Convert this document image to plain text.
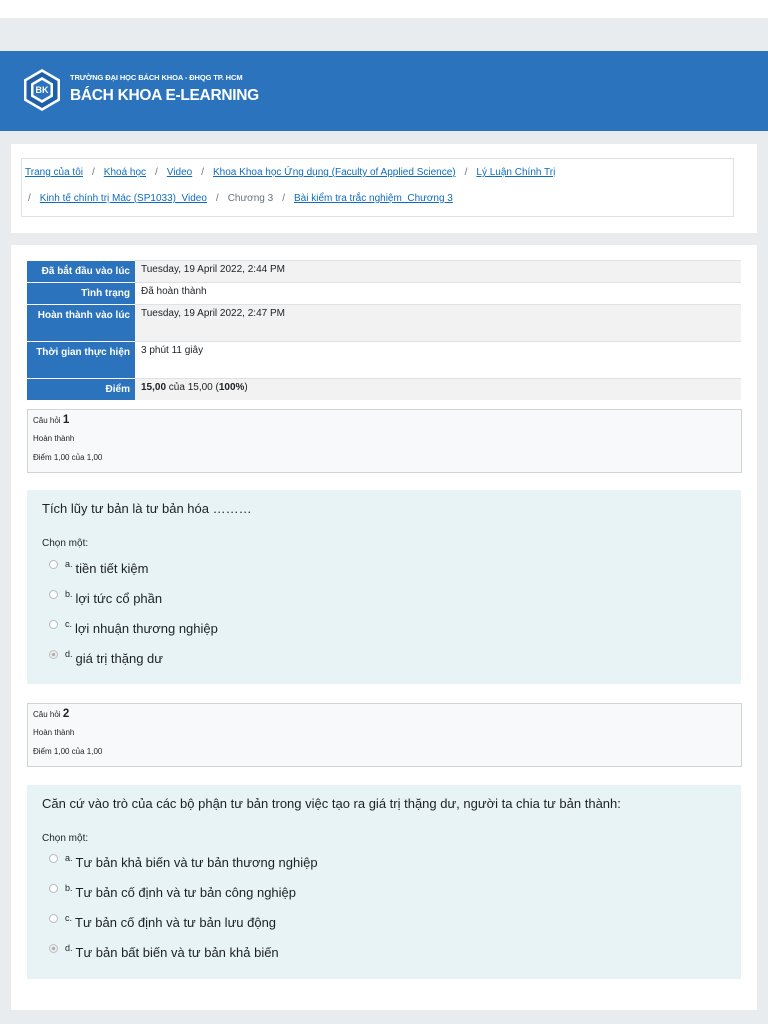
BK
TRƯỜNG ĐẠI HỌC BÁCH KHOA - ĐHQG TP. HCM
BÁCH KHOA E-LEARNING
Trang của tôi / Khoá học / Video / Khoa Khoa học Ứng dụng (Faculty of Applied Science) / Lý Luận Chính Trị
/ Kinh tế chính trị Mác (SP1033)_Video / Chương 3 / Bài kiểm tra trắc nghiệm_Chương 3
Đã bắt đầu vào lúc	Tuesday, 19 April 2022, 2:44 PM
Tình trạng	Đã hoàn thành
Hoàn thành vào lúc	Tuesday, 19 April 2022, 2:47 PM
Thời gian thực hiện	3 phút 11 giây
Điểm	15,00 của 15,00 (100%)
Câu hỏi 1
Hoàn thành
Điểm 1,00 của 1,00
Tích lũy tư bản là tư bản hóa ………
Chọn một:
a. tiền tiết kiệm
b. lợi tức cổ phần
c. lợi nhuận thương nghiệp
d. giá trị thặng dư
Câu hỏi 2
Hoàn thành
Điểm 1,00 của 1,00
Căn cứ vào trò của các bộ phận tư bản trong việc tạo ra giá trị thặng dư, người ta chia tư bản thành:
Chọn một:
a. Tư bản khả biến và tư bản thương nghiệp
b. Tư bản cố định và tư bản công nghiệp
c. Tư bản cố định và tư bản lưu động
d. Tư bản bất biến và tư bản khả biến
